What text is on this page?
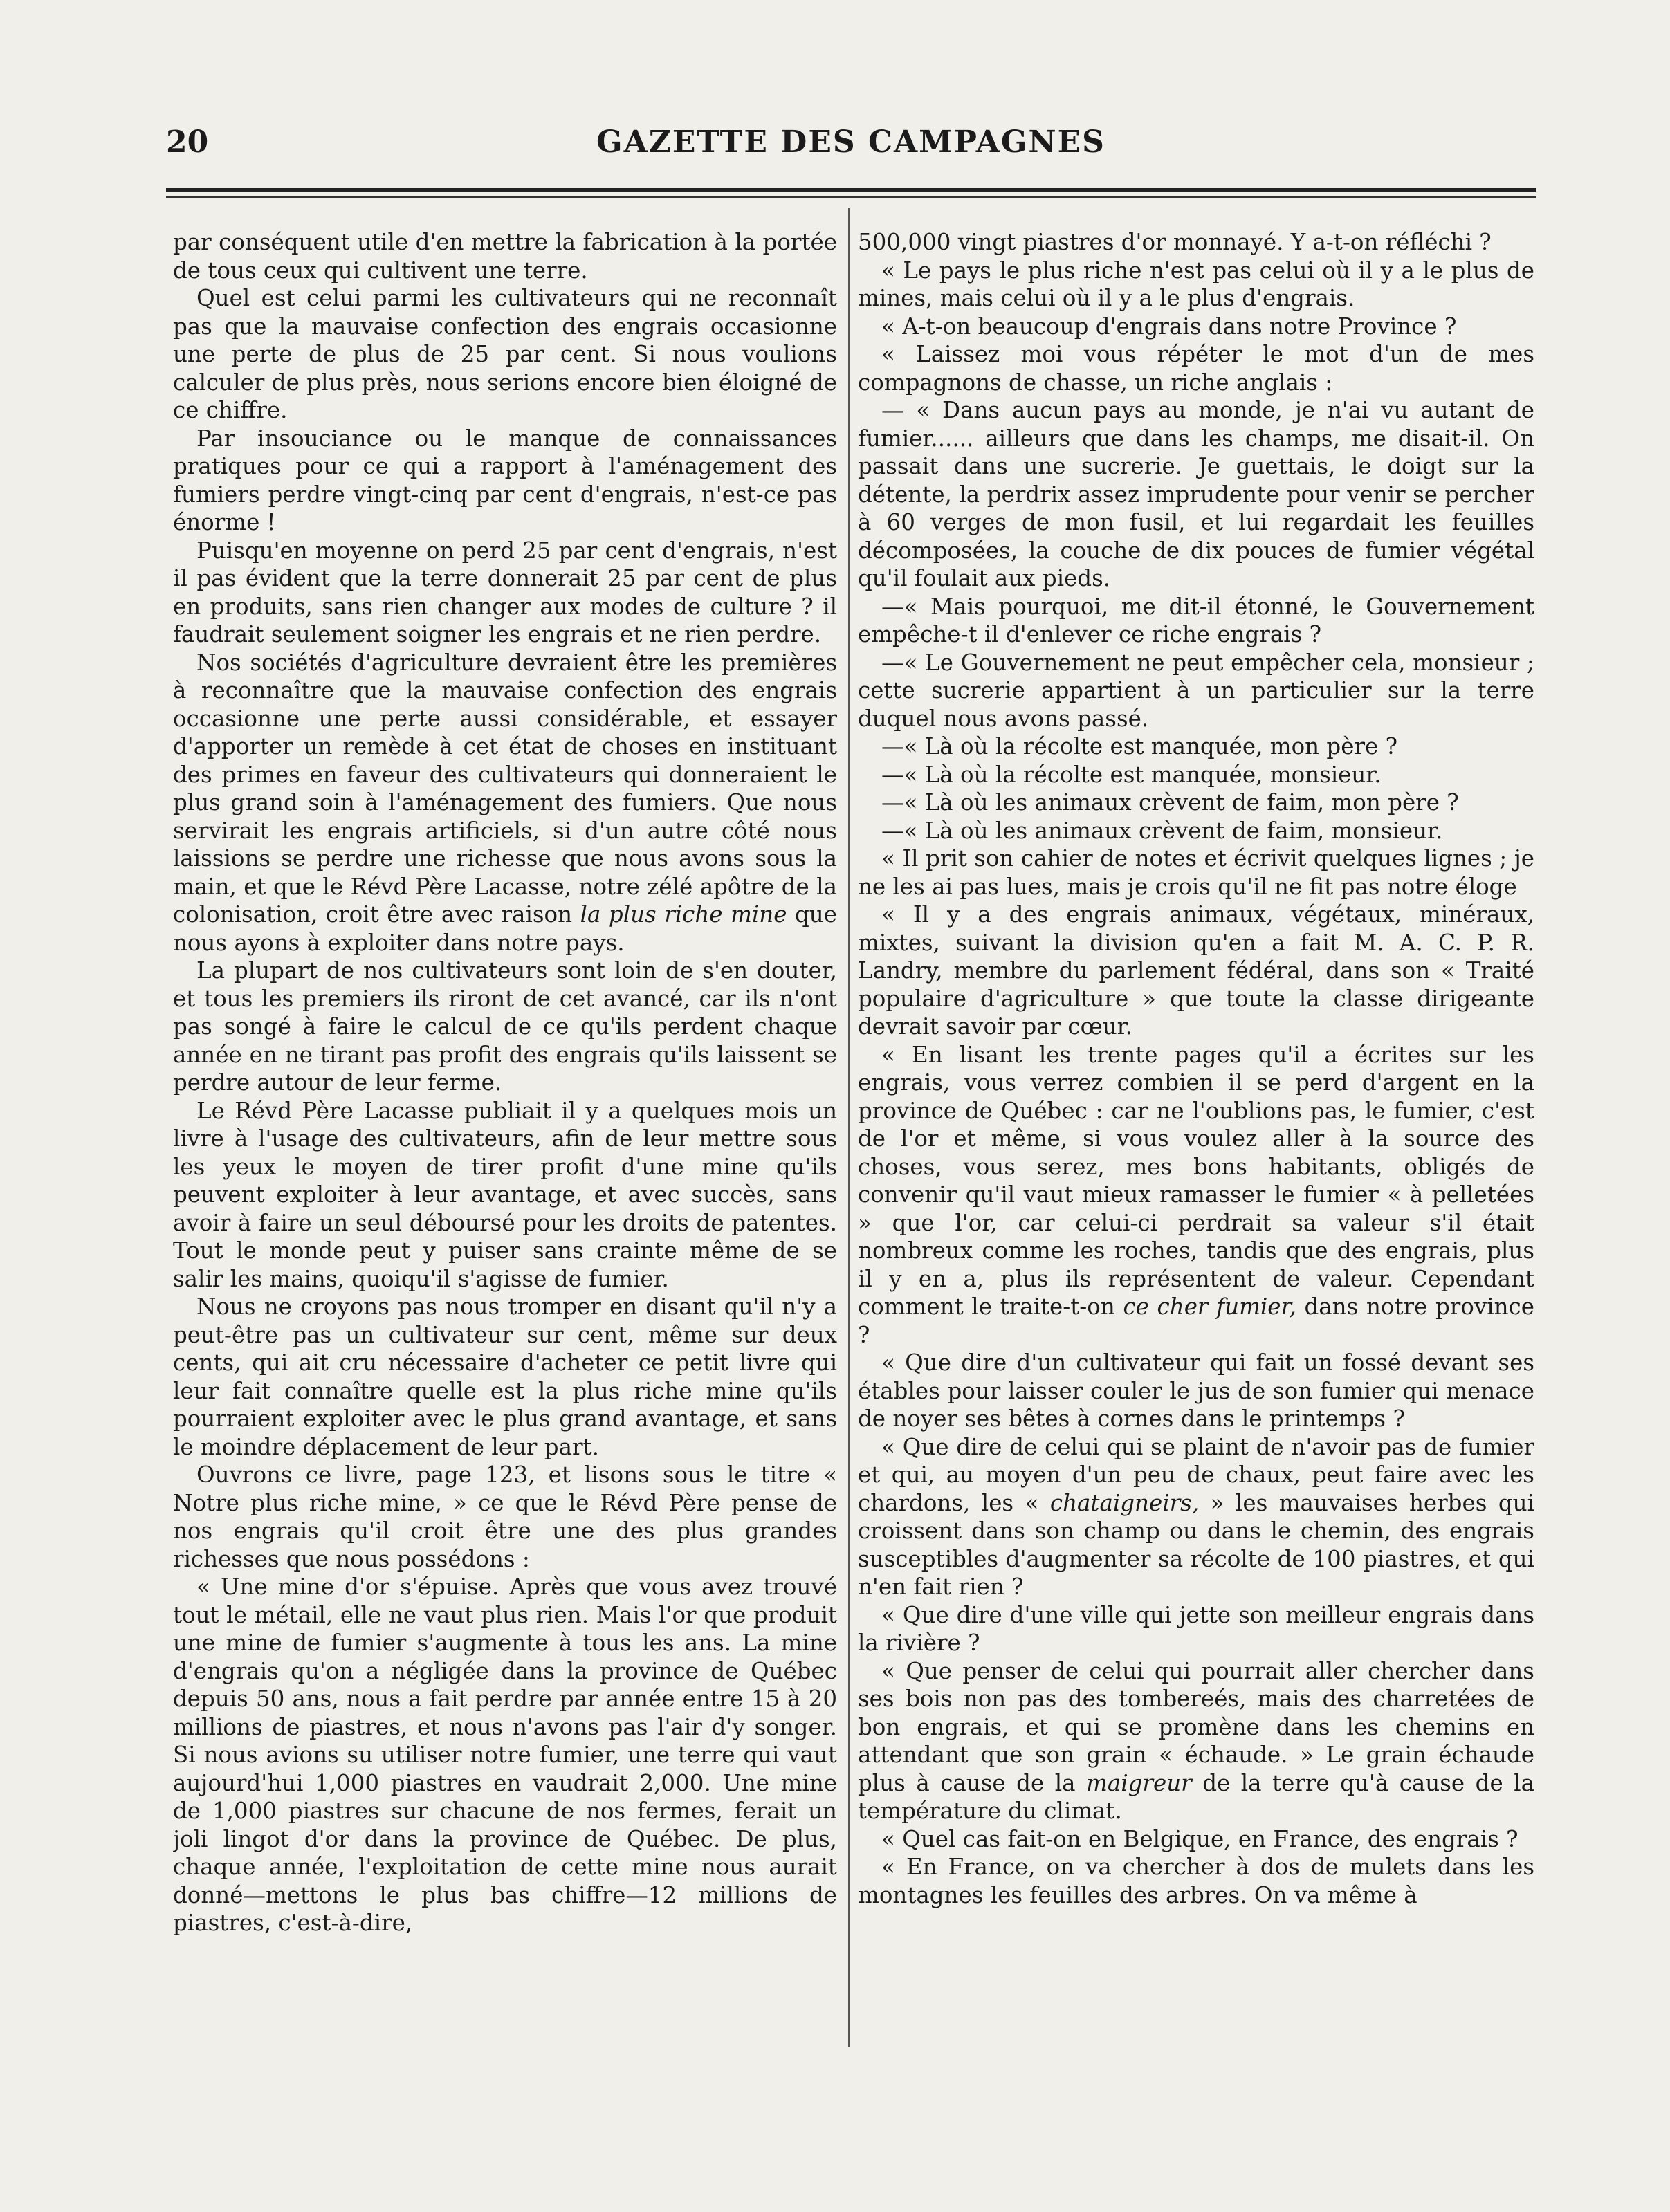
20	GAZETTE DES CAMPAGNES

par conséquent utile d'en mettre la fabrication à la portée de tous ceux qui cultivent une terre.

Quel est celui parmi les cultivateurs qui ne reconnaît pas que la mauvaise confection des engrais occasionne une perte de plus de 25 par cent. Si nous voulions calculer de plus près, nous serions encore bien éloigné de ce chiffre.

Par insouciance ou le manque de connaissances pratiques pour ce qui a rapport à l'aménagement des fumiers perdre vingt-cinq par cent d'engrais, n'est-ce pas énorme !

Puisqu'en moyenne on perd 25 par cent d'engrais, n'est il pas évident que la terre donnerait 25 par cent de plus en produits, sans rien changer aux modes de culture ? il faudrait seulement soigner les engrais et ne rien perdre.

Nos sociétés d'agriculture devraient être les premières à reconnaître que la mauvaise confection des engrais occasionne une perte aussi considérable, et essayer d'apporter un remède à cet état de choses en instituant des primes en faveur des cultivateurs qui donneraient le plus grand soin à l'aménagement des fumiers. Que nous servirait les engrais artificiels, si d'un autre côté nous laissions se perdre une richesse que nous avons sous la main, et que le Révd Père Lacasse, notre zélé apôtre de la colonisation, croit être avec raison la plus riche mine que nous ayons à exploiter dans notre pays.

La plupart de nos cultivateurs sont loin de s'en douter, et tous les premiers ils riront de cet avancé, car ils n'ont pas songé à faire le calcul de ce qu'ils perdent chaque année en ne tirant pas profit des engrais qu'ils laissent se perdre autour de leur ferme.

Le Révd Père Lacasse publiait il y a quelques mois un livre à l'usage des cultivateurs, afin de leur mettre sous les yeux le moyen de tirer profit d'une mine qu'ils peuvent exploiter à leur avantage, et avec succès, sans avoir à faire un seul déboursé pour les droits de patentes. Tout le monde peut y puiser sans crainte même de se salir les mains, quoiqu'il s'agisse de fumier.

Nous ne croyons pas nous tromper en disant qu'il n'y a peut-être pas un cultivateur sur cent, même sur deux cents, qui ait cru nécessaire d'acheter ce petit livre qui leur fait connaître quelle est la plus riche mine qu'ils pourraient exploiter avec le plus grand avantage, et sans le moindre déplacement de leur part.

Ouvrons ce livre, page 123, et lisons sous le titre « Notre plus riche mine, » ce que le Révd Père pense de nos engrais qu'il croit être une des plus grandes richesses que nous possédons :

« Une mine d'or s'épuise. Après que vous avez trouvé tout le métail, elle ne vaut plus rien. Mais l'or que produit une mine de fumier s'augmente à tous les ans. La mine d'engrais qu'on a négligée dans la province de Québec depuis 50 ans, nous a fait perdre par année entre 15 à 20 millions de piastres, et nous n'avons pas l'air d'y songer. Si nous avions su utiliser notre fumier, une terre qui vaut aujourd'hui 1,000 piastres en vaudrait 2,000. Une mine de 1,000 piastres sur chacune de nos fermes, ferait un joli lingot d'or dans la province de Québec. De plus, chaque année, l'exploitation de cette mine nous aurait donné—mettons le plus bas chiffre—12 millions de piastres, c'est-à-dire,

500,000 vingt piastres d'or monnayé. Y a-t-on réfléchi ?

« Le pays le plus riche n'est pas celui où il y a le plus de mines, mais celui où il y a le plus d'engrais.

« A-t-on beaucoup d'engrais dans notre Province ?

« Laissez moi vous répéter le mot d'un de mes compagnons de chasse, un riche anglais :

— « Dans aucun pays au monde, je n'ai vu autant de fumier...... ailleurs que dans les champs, me disait-il. On passait dans une sucrerie. Je guettais, le doigt sur la détente, la perdrix assez imprudente pour venir se percher à 60 verges de mon fusil, et lui regardait les feuilles décomposées, la couche de dix pouces de fumier végétal qu'il foulait aux pieds.

—« Mais pourquoi, me dit-il étonné, le Gouvernement empêche-t il d'enlever ce riche engrais ?

—« Le Gouvernement ne peut empêcher cela, monsieur ; cette sucrerie appartient à un particulier sur la terre duquel nous avons passé.

—« Là où la récolte est manquée, mon père ?

—« Là où la récolte est manquée, monsieur.

—« Là où les animaux crèvent de faim, mon père ?

—« Là où les animaux crèvent de faim, monsieur.

« Il prit son cahier de notes et écrivit quelques lignes ; je ne les ai pas lues, mais je crois qu'il ne fit pas notre éloge

« Il y a des engrais animaux, végétaux, minéraux, mixtes, suivant la division qu'en a fait M. A. C. P. R. Landry, membre du parlement fédéral, dans son « Traité populaire d'agriculture » que toute la classe dirigeante devrait savoir par cœur.

« En lisant les trente pages qu'il a écrites sur les engrais, vous verrez combien il se perd d'argent en la province de Québec : car ne l'oublions pas, le fumier, c'est de l'or et même, si vous voulez aller à la source des choses, vous serez, mes bons habitants, obligés de convenir qu'il vaut mieux ramasser le fumier « à pelletées » que l'or, car celui-ci perdrait sa valeur s'il était nombreux comme les roches, tandis que des engrais, plus il y en a, plus ils représentent de valeur. Cependant comment le traite-t-on ce cher fumier, dans notre province ?

« Que dire d'un cultivateur qui fait un fossé devant ses étables pour laisser couler le jus de son fumier qui menace de noyer ses bêtes à cornes dans le printemps ?

« Que dire de celui qui se plaint de n'avoir pas de fumier et qui, au moyen d'un peu de chaux, peut faire avec les chardons, les « chataigneirs, » les mauvaises herbes qui croissent dans son champ ou dans le chemin, des engrais susceptibles d'augmenter sa récolte de 100 piastres, et qui n'en fait rien ?

« Que dire d'une ville qui jette son meilleur engrais dans la rivière ?

« Que penser de celui qui pourrait aller chercher dans ses bois non pas des tombereés, mais des charretées de bon engrais, et qui se promène dans les chemins en attendant que son grain « échaude. » Le grain échaude plus à cause de la maigreur de la terre qu'à cause de la température du climat.

« Quel cas fait-on en Belgique, en France, des engrais ?

« En France, on va chercher à dos de mulets dans les montagnes les feuilles des arbres. On va même à
